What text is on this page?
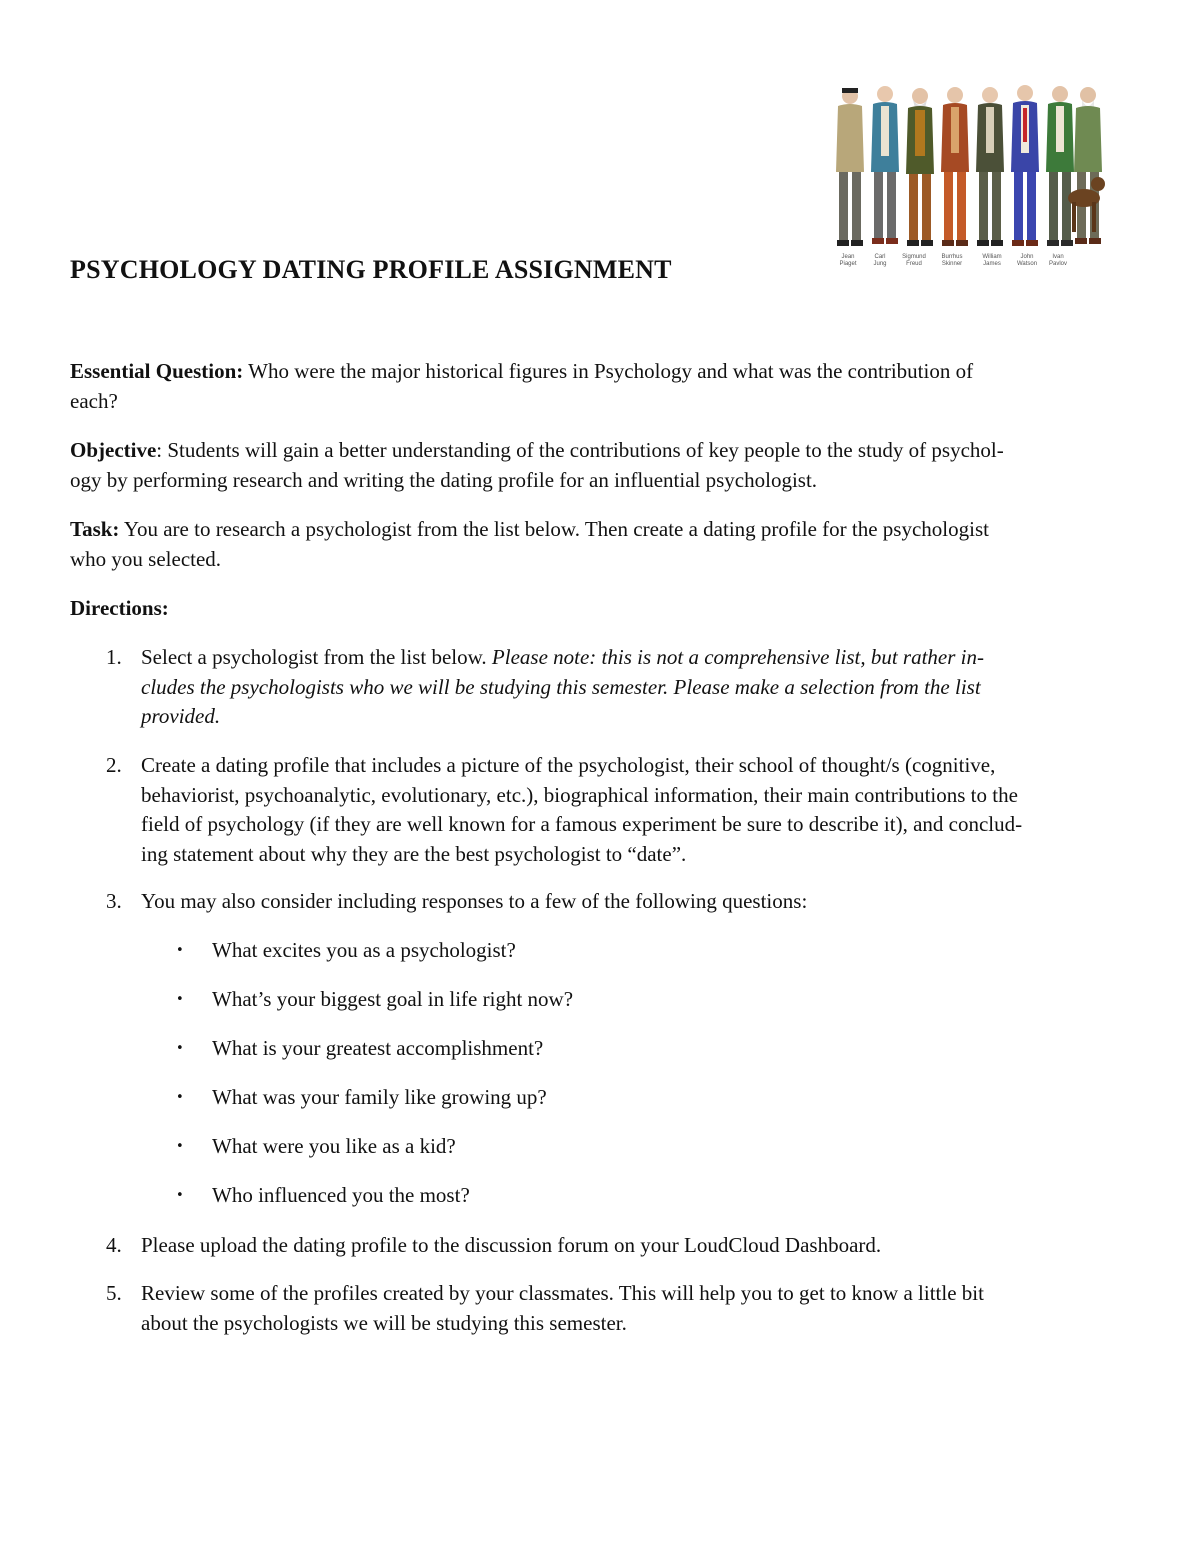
Jean
Piaget
Carl
Jung
Sigmund
Freud
Burrhus
Skinner
William
James
John
Watson
Ivan
Pavlov
PSYCHOLOGY DATING PROFILE ASSIGNMENT
Essential Question: Who were the major historical figures in Psychology and what was the contribution of
each?
Objective: Students will gain a better understanding of the contributions of key people to the study of psychol-
ogy by performing research and writing the dating profile for an influential psychologist.
Task: You are to research a psychologist from the list below. Then create a dating profile for the psychologist
who you selected.
Directions:
1. Select a psychologist from the list below. Please note: this is not a comprehensive list, but rather in-
cludes the psychologists who we will be studying this semester. Please make a selection from the list
provided.
2. Create a dating profile that includes a picture of the psychologist, their school of thought/s (cognitive,
behaviorist, psychoanalytic, evolutionary, etc.), biographical information, their main contributions to the
field of psychology (if they are well known for a famous experiment be sure to describe it), and conclud-
ing statement about why they are the best psychologist to “date”.
3. You may also consider including responses to a few of the following questions:
• What excites you as a psychologist?
• What’s your biggest goal in life right now?
• What is your greatest accomplishment?
• What was your family like growing up?
• What were you like as a kid?
• Who influenced you the most?
4. Please upload the dating profile to the discussion forum on your LoudCloud Dashboard.
5. Review some of the profiles created by your classmates. This will help you to get to know a little bit
about the psychologists we will be studying this semester.
